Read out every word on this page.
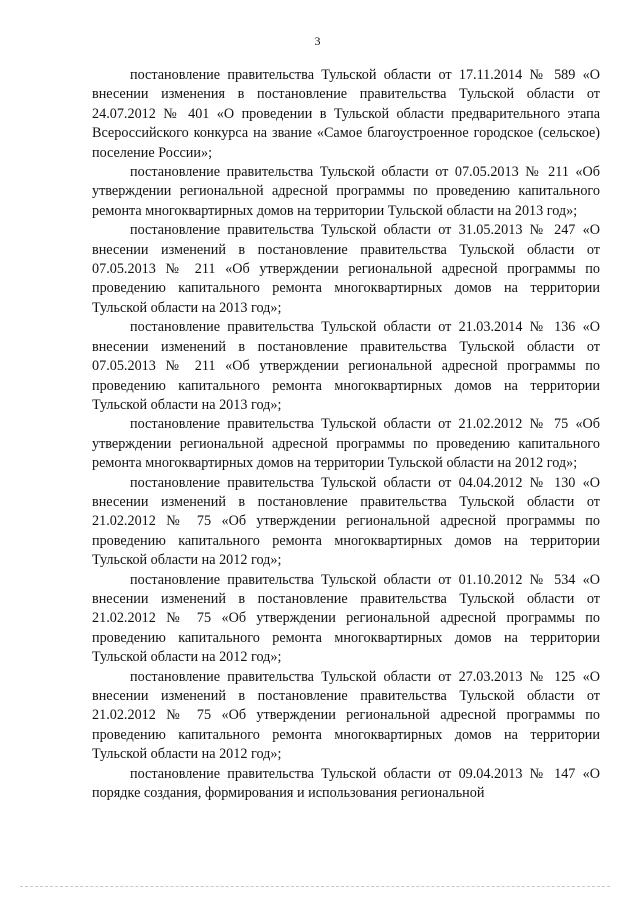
3

постановление правительства Тульской области от 17.11.2014 № 589 «О внесении изменения в постановление правительства Тульской области от 24.07.2012 № 401 «О проведении в Тульской области предварительного этапа Всероссийского конкурса на звание «Самое благоустроенное городское (сельское) поселение России»;

постановление правительства Тульской области от 07.05.2013 № 211 «Об утверждении региональной адресной программы по проведению капитального ремонта многоквартирных домов на территории Тульской области на 2013 год»;

постановление правительства Тульской области от 31.05.2013 № 247 «О внесении изменений в постановление правительства Тульской области от 07.05.2013 № 211 «Об утверждении региональной адресной программы по проведению капитального ремонта многоквартирных домов на территории Тульской области на 2013 год»;

постановление правительства Тульской области от 21.03.2014 № 136 «О внесении изменений в постановление правительства Тульской области от 07.05.2013 № 211 «Об утверждении региональной адресной программы по проведению капитального ремонта многоквартирных домов на территории Тульской области на 2013 год»;

постановление правительства Тульской области от 21.02.2012 № 75 «Об утверждении региональной адресной программы по проведению капитального ремонта многоквартирных домов на территории Тульской области на 2012 год»;

постановление правительства Тульской области от 04.04.2012 № 130 «О внесении изменений в постановление правительства Тульской области от 21.02.2012 № 75 «Об утверждении региональной адресной программы по проведению капитального ремонта многоквартирных домов на территории Тульской области на 2012 год»;

постановление правительства Тульской области от 01.10.2012 № 534 «О внесении изменений в постановление правительства Тульской области от 21.02.2012 № 75 «Об утверждении региональной адресной программы по проведению капитального ремонта многоквартирных домов на территории Тульской области на 2012 год»;

постановление правительства Тульской области от 27.03.2013 № 125 «О внесении изменений в постановление правительства Тульской области от 21.02.2012 № 75 «Об утверждении региональной адресной программы по проведению капитального ремонта многоквартирных домов на территории Тульской области на 2012 год»;

постановление правительства Тульской области от 09.04.2013 № 147 «О порядке создания, формирования и использования региональной
